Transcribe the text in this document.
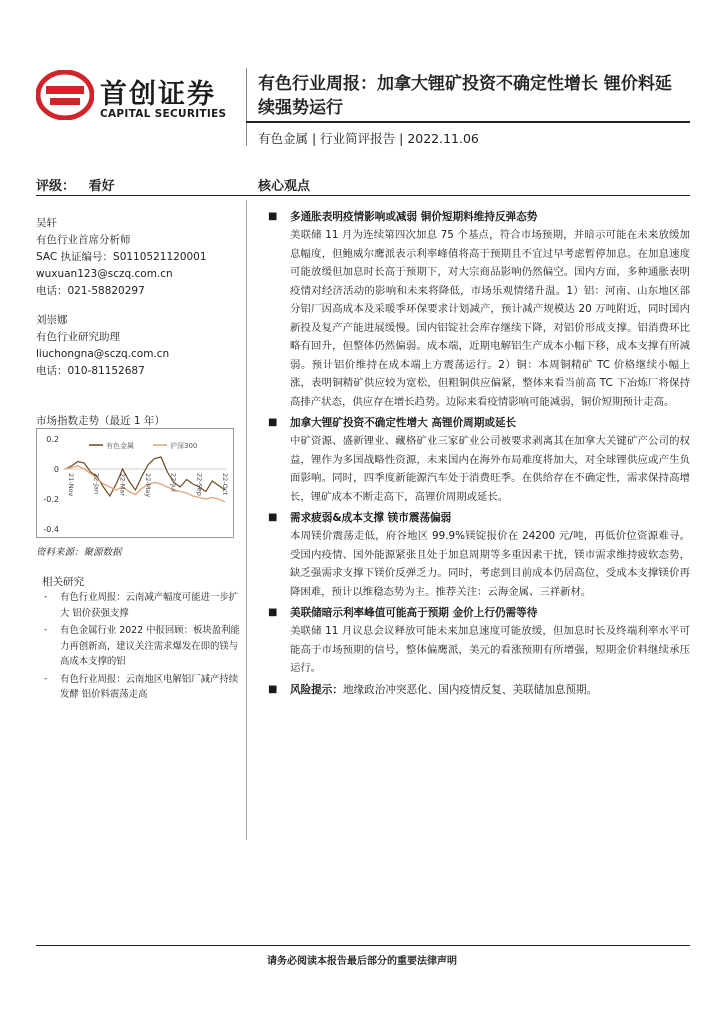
首创证券
CAPITAL SECURITIES
有色行业周报：加拿大锂矿投资不确定性增长 锂价料延续强势运行
有色金属 | 行业简评报告 | 2022.11.06
评级：   看好	核心观点
吴轩
有色行业首席分析师
SAC 执证编号：S0110521120001
wuxuan123@sczq.com.cn
电话：021-58820297
刘崇娜
有色行业研究助理
liuchongna@sczq.com.cn
电话：010-81152687
市场指数走势（最近 1 年）
0.2
0
-0.2
-0.4
21-Nov	22-Jan	22-Mar	22-May	22-Jul	22-Sep	22-Oct
有色金属	沪深300
资料来源：聚源数据
相关研究
- 有色行业周报：云南减产幅度可能进一步扩大 铝价获强支撑
- 有色金属行业 2022 中报回顾：板块盈利能力再创新高，建议关注需求爆发在即的镁与高成本支撑的铝
- 有色行业周报：云南地区电解铝厂减产持续发酵 铝价料震荡走高
■ 多通胀表明疫情影响或减弱 铜价短期料维持反弹态势
美联储 11 月为连续第四次加息 75 个基点，符合市场预期，并暗示可能在未来放缓加息幅度，但鲍威尔鹰派表示利率峰值将高于预期且不宜过早考虑暂停加息。在加息速度可能放缓但加息时长高于预期下，对大宗商品影响仍然偏空。国内方面，多种通胀表明疫情对经济活动的影响和未来将降低，市场乐观情绪升温。1）铝：河南、山东地区部分铝厂因高成本及采暖季环保要求计划减产，预计减产规模达 20 万吨附近，同时国内新投及复产产能进展缓慢。国内铝锭社会库存继续下降，对铝价形成支撑。铝消费环比略有回升，但整体仍然偏弱。成本端，近期电解铝生产成本小幅下移，成本支撑有所减弱。预计铝价维持在成本端上方震荡运行。2）铜：本周铜精矿 TC 价格继续小幅上涨，表明铜精矿供应较为宽松，但粗铜供应偏紧，整体来看当前高 TC 下冶炼厂将保持高排产状态，供应存在增长趋势。边际来看疫情影响可能减弱，铜价短期预计走高。
■ 加拿大锂矿投资不确定性增大 高锂价周期或延长
中矿资源、盛新锂业、藏格矿业三家矿业公司被要求剥离其在加拿大关键矿产公司的权益，锂作为多国战略性资源，未来国内在海外布局难度将加大，对全球锂供应或产生负面影响。同时，四季度新能源汽车处于消费旺季。在供给存在不确定性，需求保持高增长，锂矿成本不断走高下，高锂价周期或延长。
■ 需求疲弱&成本支撑 镁市震荡偏弱
本周镁价震荡走低，府谷地区 99.9%镁锭报价在 24200 元/吨，再低价位资源难寻。受国内疫情、国外能源紧张且处于加息周期等多重因素干扰，镁市需求维持疲软态势，缺乏强需求支撑下镁价反弹乏力。同时，考虑到目前成本仍居高位，受成本支撑镁价再降困难，预计以维稳态势为主。推荐关注：云海金属、三祥新材。
■ 美联储暗示利率峰值可能高于预期 金价上行仍需等待
美联储 11 月议息会议释放可能未来加息速度可能放缓，但加息时长及终端利率水平可能高于市场预期的信号，整体偏鹰派，美元的看涨预期有所增强，短期金价料继续承压运行。
■ 风险提示：地缘政治冲突恶化、国内疫情反复、美联储加息预期。
请务必阅读本报告最后部分的重要法律声明
